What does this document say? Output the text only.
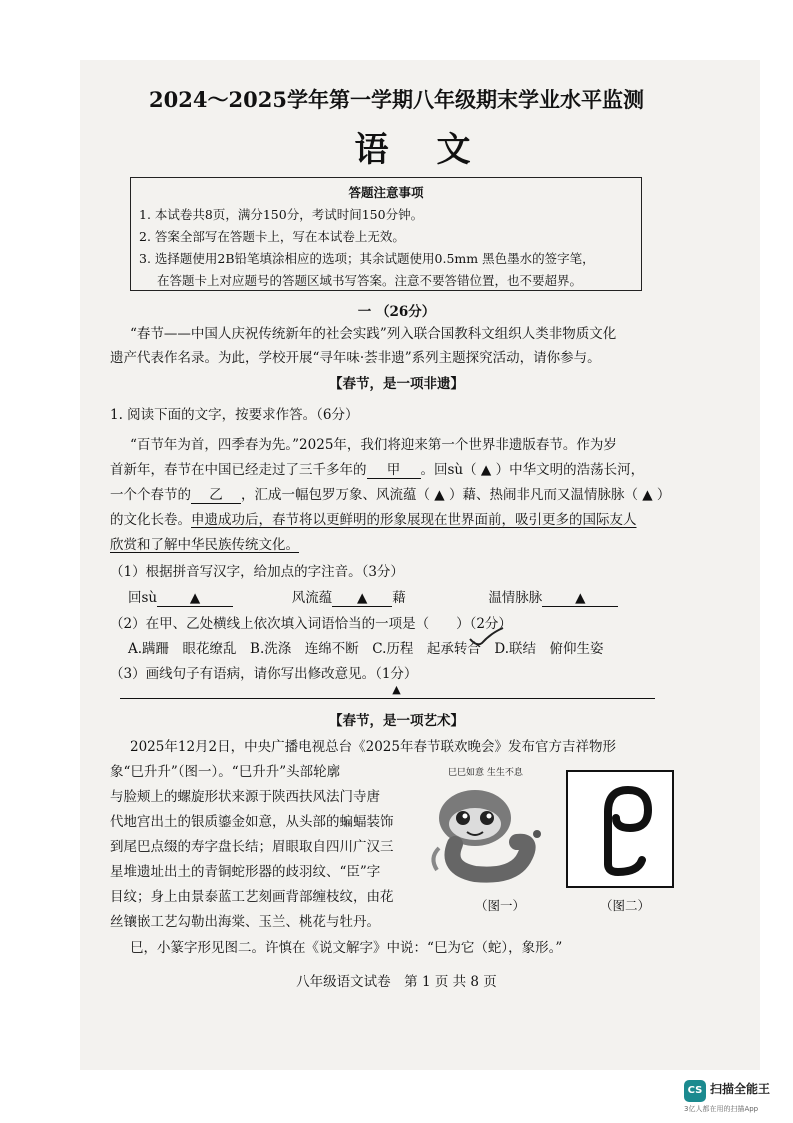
2024～2025学年第一学期八年级期末学业水平监测
语文
答题注意事项
1. 本试卷共8页，满分150分，考试时间150分钟。
2. 答案全部写在答题卡上，写在本试卷上无效。
3. 选择题使用2B铅笔填涂相应的选项；其余试题使用0.5mm 黑色墨水的签字笔，
在答题卡上对应题号的答题区域书写答案。注意不要答错位置，也不要超界。
一 （26分）
“春节——中国人庆祝传统新年的社会实践”列入联合国教科文组织人类非物质文化
遗产代表作名录。为此，学校开展“寻年味·荟非遗”系列主题探究活动，请你参与。
【春节，是一项非遗】
1. 阅读下面的文字，按要求作答。（6分）
“百节年为首，四季春为先。”2025年，我们将迎来第一个世界非遗版春节。作为岁
首新年，春节在中国已经走过了三千多年的 甲 。回sù（ ▲ ）中华文明的浩荡长河，
一个个春节的 乙 ，汇成一幅包罗万象、风流蕴（ ▲ ）藉、热闹非凡而又温情脉脉（ ▲ ）
的文化长卷。申遗成功后，春节将以更鲜明的形象展现在世界面前，吸引更多的国际友人
欣赏和了解中华民族传统文化。
（1）根据拼音写汉字，给加点的字注音。（3分）
回sù ▲	风流蕴 ▲ 藉	温情脉脉 ▲
（2）在甲、乙处横线上依次填入词语恰当的一项是（　　）（2分）
A.蹒跚　眼花缭乱　B.洗涤　连绵不断　C.历程　起承转合　D.联结　俯仰生姿
（3）画线句子有语病，请你写出修改意见。（1分）
▲
【春节，是一项艺术】
2025年12月2日，中央广播电视总台《2025年春节联欢晚会》发布官方吉祥物形
象“巳升升”（图一）。“巳升升”头部轮廓
与脸颊上的螺旋形状来源于陕西扶风法门寺唐
代地宫出土的银质鎏金如意，从头部的蝙蝠装饰
到尾巴点缀的寿字盘长结；眉眼取自四川广汉三
星堆遗址出土的青铜蛇形器的歧羽纹、“臣”字
目纹；身上由景泰蓝工艺刻画背部缠枝纹，由花
丝镶嵌工艺勾勒出海棠、玉兰、桃花与牡丹。
巳，小篆字形见图二。许慎在《说文解字》中说：“巳为它（蛇），象形。”
巳巳如意 生生不息
（图一）	（图二）
八年级语文试卷　第 1 页 共 8 页
CS 扫描全能王
3亿人都在用的扫描App
